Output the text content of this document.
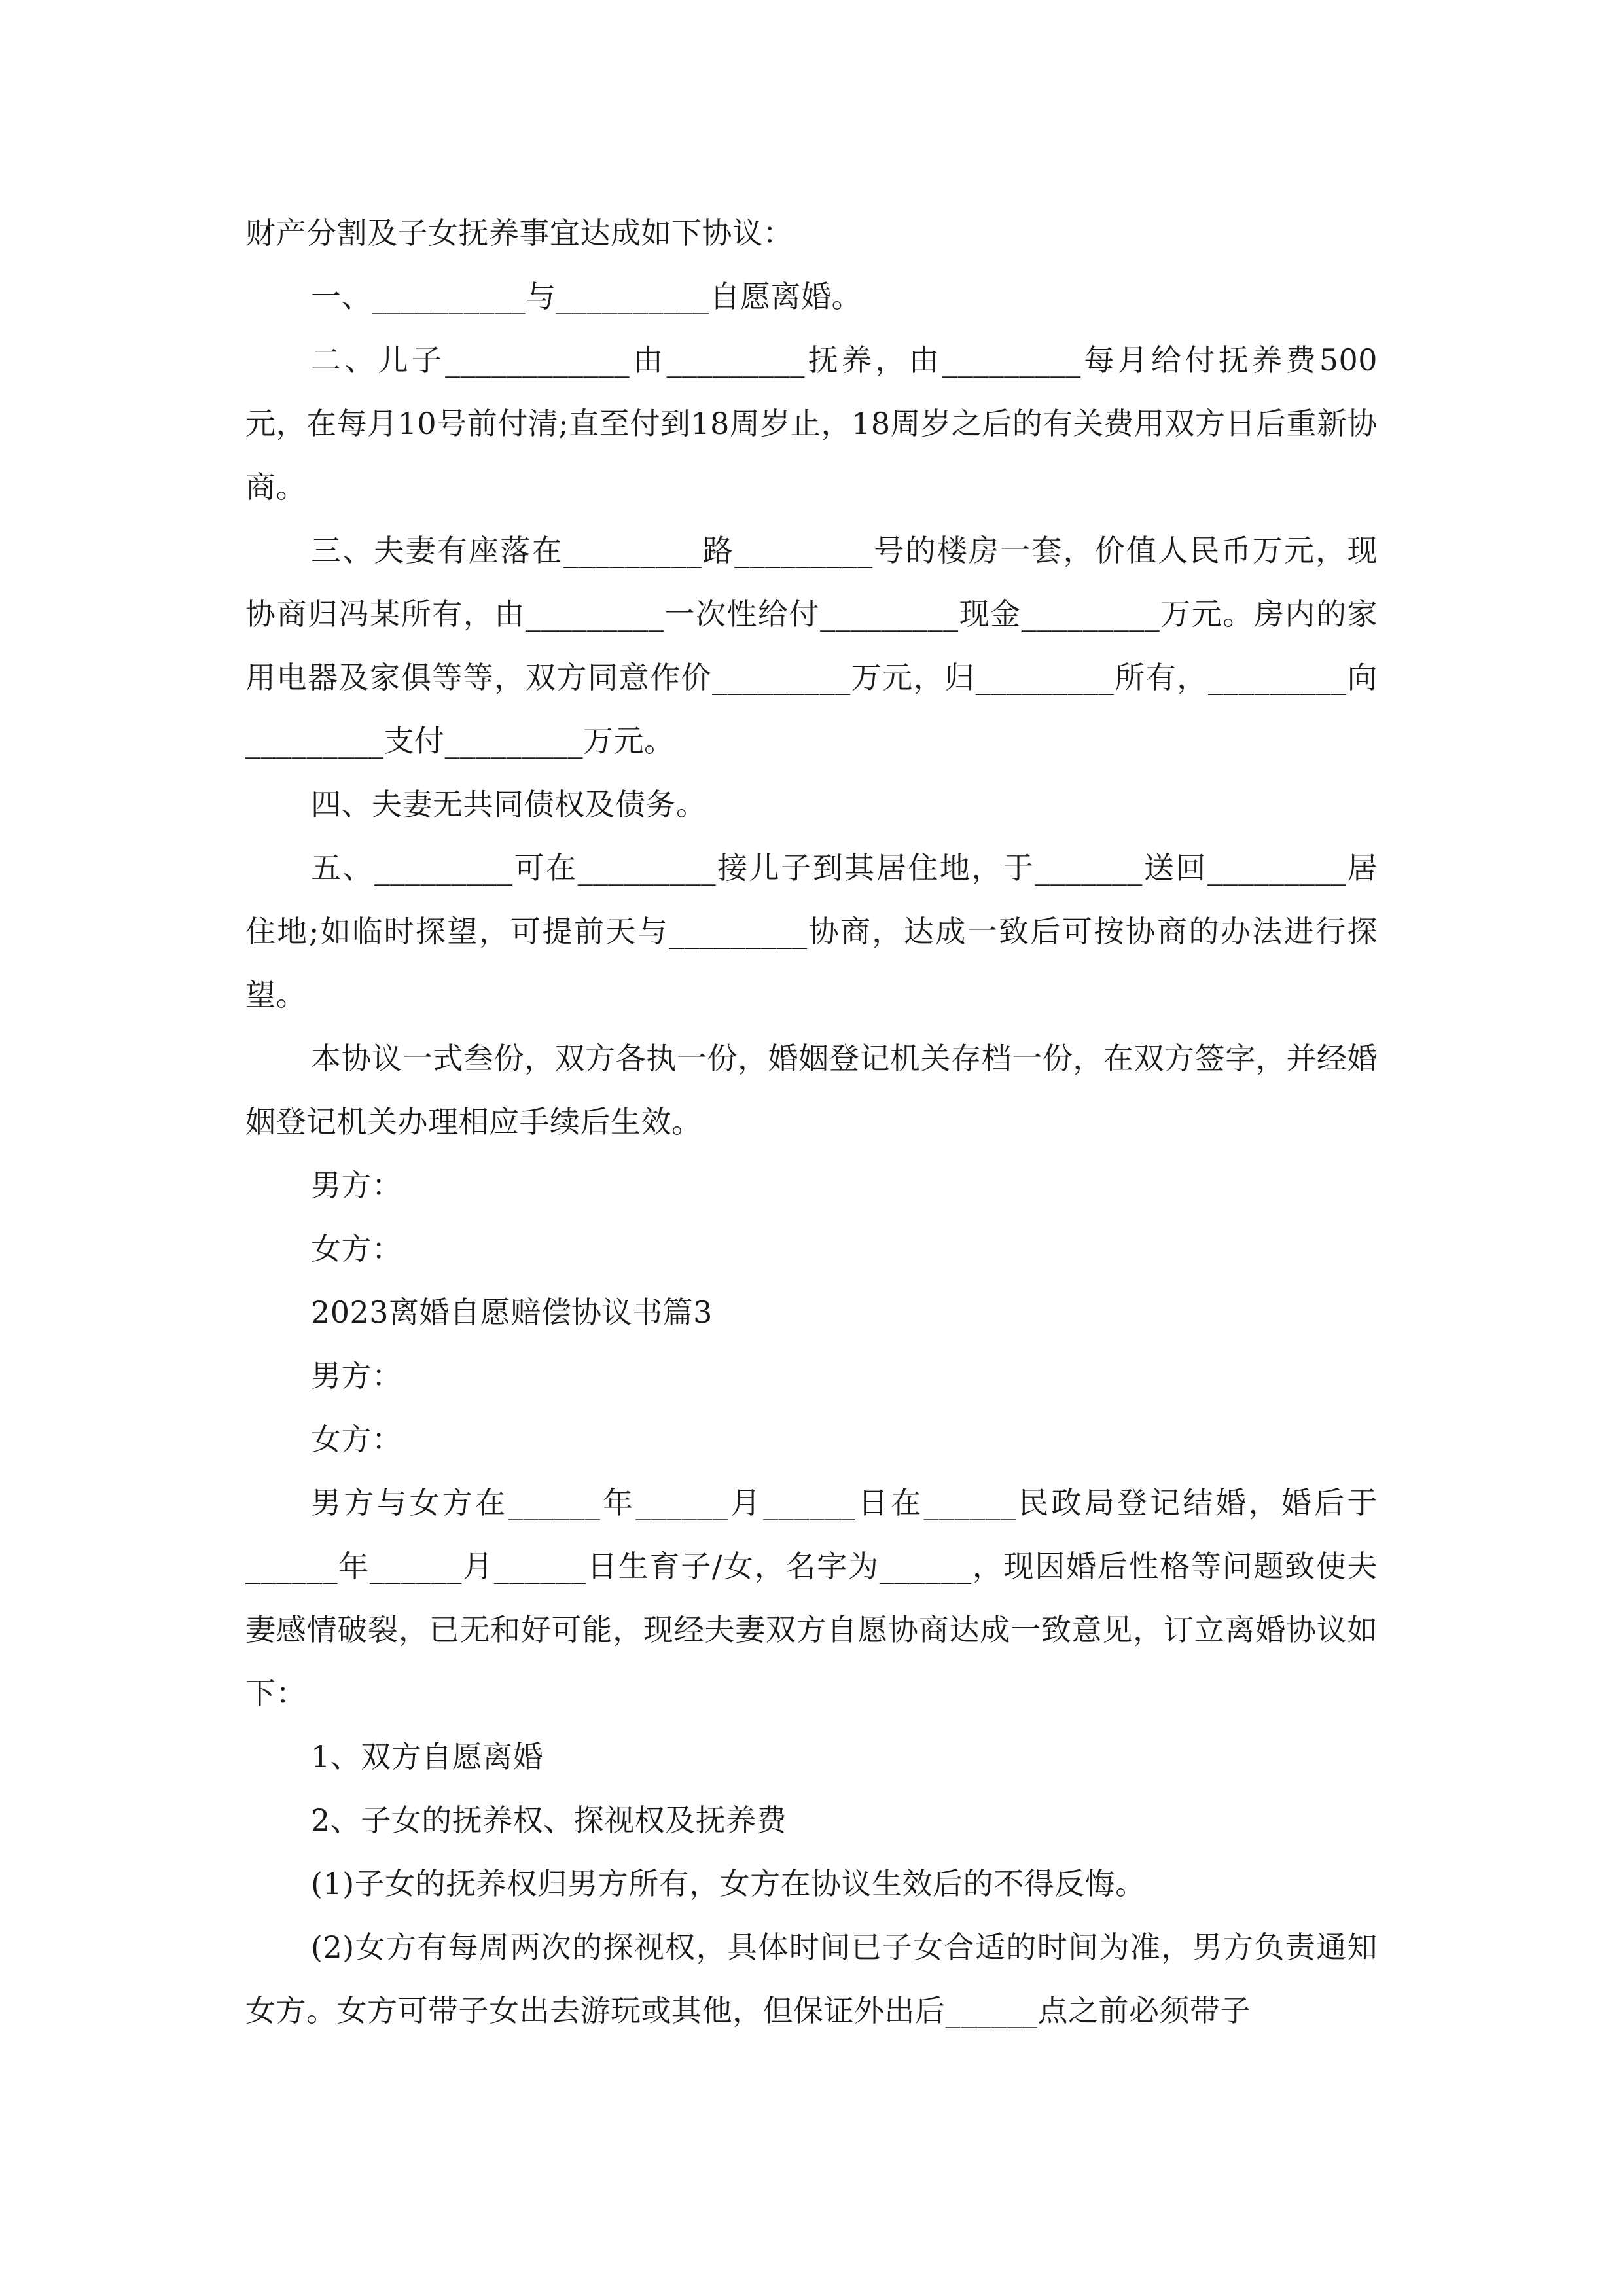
财产分割及子女抚养事宜达成如下协议：

一、__________与__________自愿离婚。

二、儿子____________由_________抚养，由_________每月给付抚养费500元，在每月10号前付清;直至付到18周岁止，18周岁之后的有关费用双方日后重新协商。

三、夫妻有座落在_________路_________号的楼房一套，价值人民币万元，现协商归冯某所有，由_________一次性给付_________现金_________万元。房内的家用电器及家俱等等，双方同意作价_________万元，归_________所有，_________向_________支付_________万元。

四、夫妻无共同债权及债务。

五、_________可在_________接儿子到其居住地，于_______送回_________居住地;如临时探望，可提前天与_________协商，达成一致后可按协商的办法进行探望。

本协议一式叁份，双方各执一份，婚姻登记机关存档一份，在双方签字，并经婚姻登记机关办理相应手续后生效。

男方：

女方：

2023离婚自愿赔偿协议书篇3

男方：

女方：

男方与女方在______年______月______日在______民政局登记结婚，婚后于______年______月______日生育子/女，名字为______，现因婚后性格等问题致使夫妻感情破裂，已无和好可能，现经夫妻双方自愿协商达成一致意见，订立离婚协议如下：

1、双方自愿离婚

2、子女的抚养权、探视权及抚养费

(1)子女的抚养权归男方所有，女方在协议生效后的不得反悔。

(2)女方有每周两次的探视权，具体时间已子女合适的时间为准，男方负责通知女方。女方可带子女出去游玩或其他，但保证外出后______点之前必须带子
